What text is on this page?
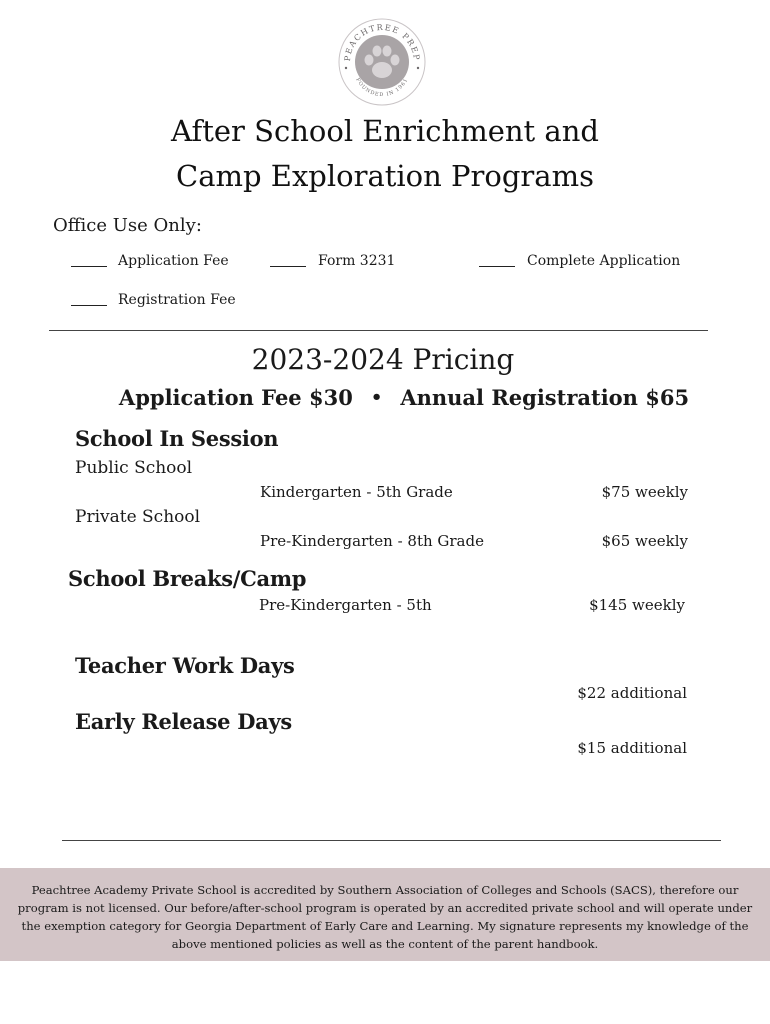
PEACHTREE PREP
FOUNDED IN 1961
After School Enrichment and
Camp Exploration Programs
Office Use Only:
Application Fee	Form 3231	Complete Application
Registration Fee
2023-2024 Pricing
Application Fee $30 • Annual Registration $65
School In Session
Public School
Kindergarten - 5th Grade	$75 weekly
Private School
Pre-Kindergarten - 8th Grade	$65 weekly
School Breaks/Camp
Pre-Kindergarten - 5th	$145 weekly
Teacher Work Days
$22 additional
Early Release Days
$15 additional

Peachtree Academy Private School is accredited by Southern Association of Colleges and Schools (SACS), therefore our program is not licensed. Our before/after-school program is operated by an accredited private school and will operate under the exemption category for Georgia Department of Early Care and Learning. My signature represents my knowledge of the above mentioned policies as well as the content of the parent handbook.
